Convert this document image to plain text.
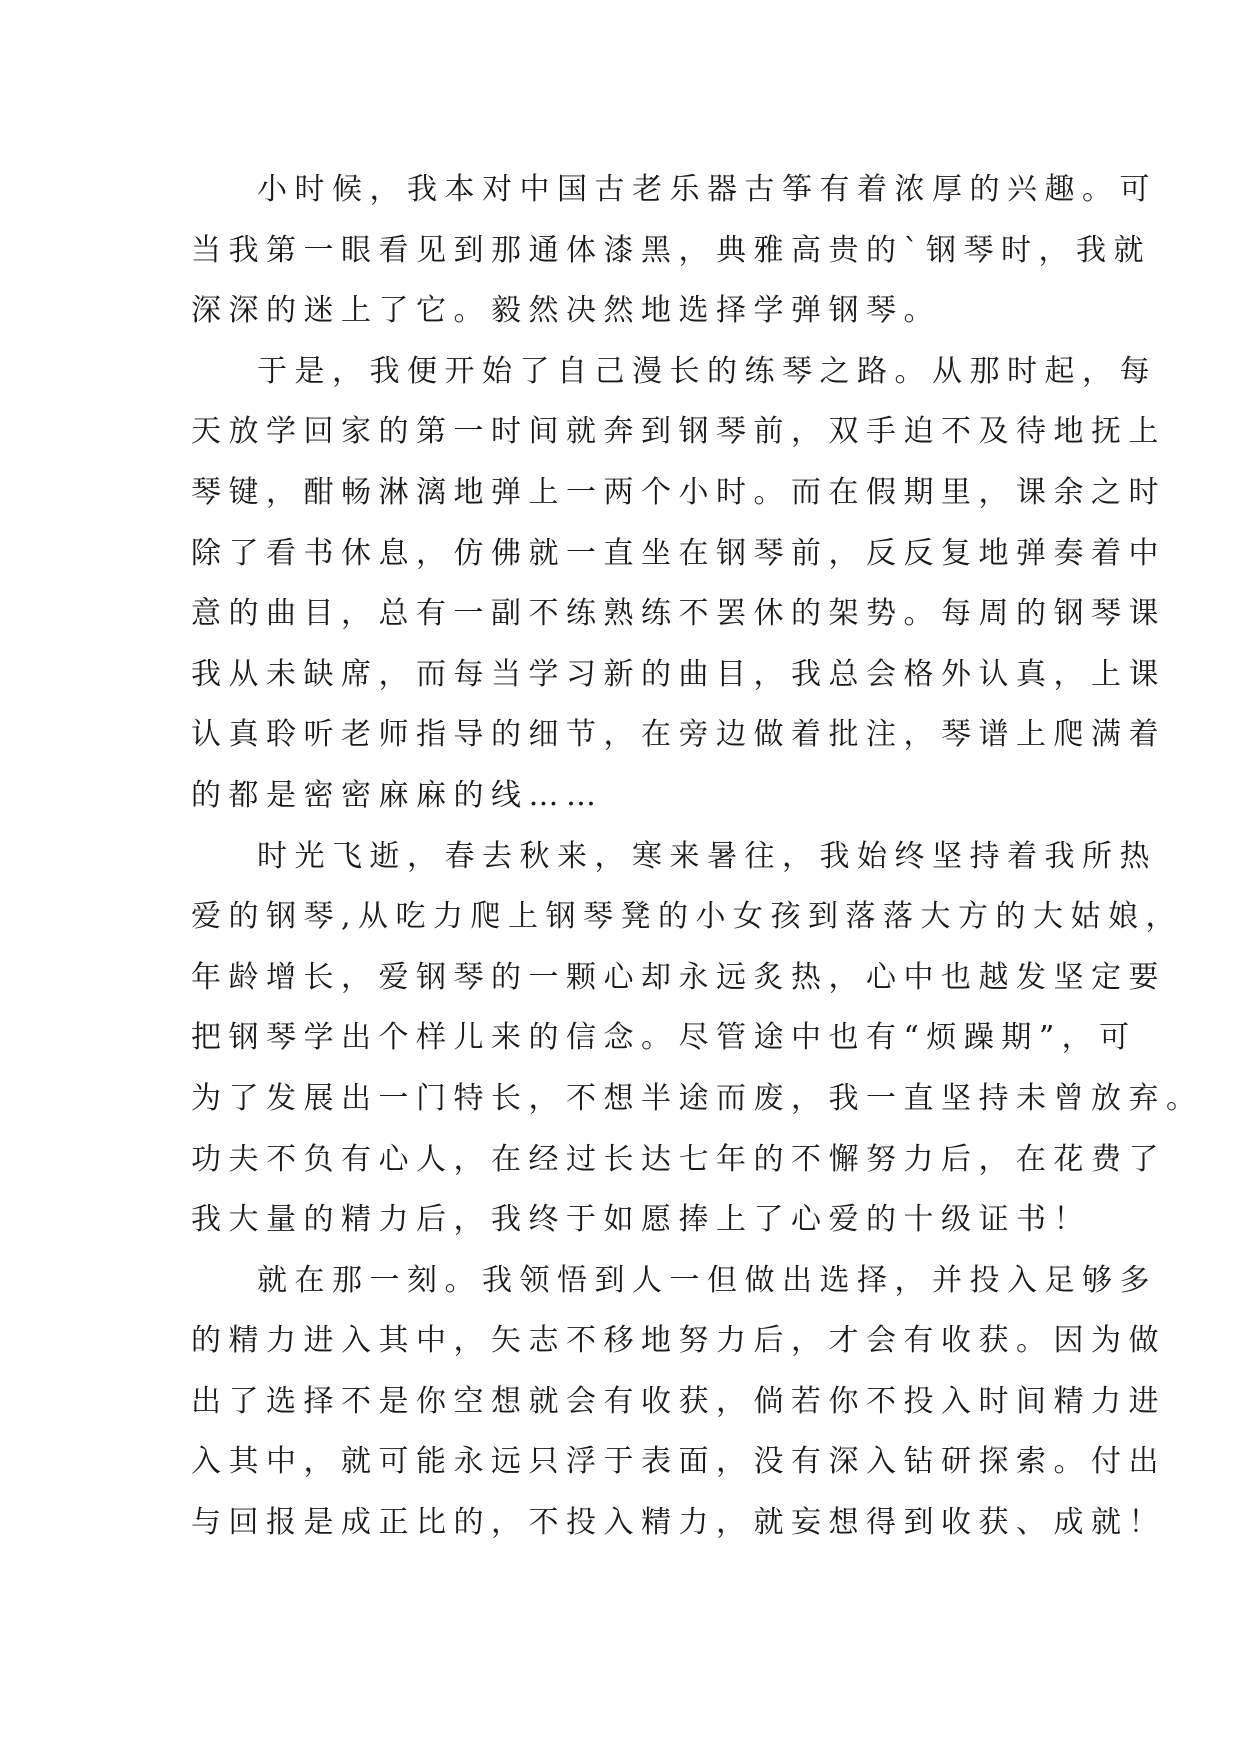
小时候，我本对中国古老乐器古筝有着浓厚的兴趣。可
当我第一眼看见到那通体漆黑，典雅高贵的`钢琴时，我就
深深的迷上了它。毅然决然地选择学弹钢琴。
于是，我便开始了自己漫长的练琴之路。从那时起，每
天放学回家的第一时间就奔到钢琴前，双手迫不及待地抚上
琴键，酣畅淋漓地弹上一两个小时。而在假期里，课余之时
除了看书休息，仿佛就一直坐在钢琴前，反反复地弹奏着中
意的曲目，总有一副不练熟练不罢休的架势。每周的钢琴课
我从未缺席，而每当学习新的曲目，我总会格外认真，上课
认真聆听老师指导的细节，在旁边做着批注，琴谱上爬满着
的都是密密麻麻的线……
时光飞逝，春去秋来，寒来暑往，我始终坚持着我所热
爱的钢琴,从吃力爬上钢琴凳的小女孩到落落大方的大姑娘，
年龄增长，爱钢琴的一颗心却永远炙热，心中也越发坚定要
把钢琴学出个样儿来的信念。尽管途中也有“烦躁期”，可
为了发展出一门特长，不想半途而废，我一直坚持未曾放弃。
功夫不负有心人，在经过长达七年的不懈努力后，在花费了
我大量的精力后，我终于如愿捧上了心爱的十级证书！
就在那一刻。我领悟到人一但做出选择，并投入足够多
的精力进入其中，矢志不移地努力后，才会有收获。因为做
出了选择不是你空想就会有收获，倘若你不投入时间精力进
入其中，就可能永远只浮于表面，没有深入钻研探索。付出
与回报是成正比的，不投入精力，就妄想得到收获、成就！
